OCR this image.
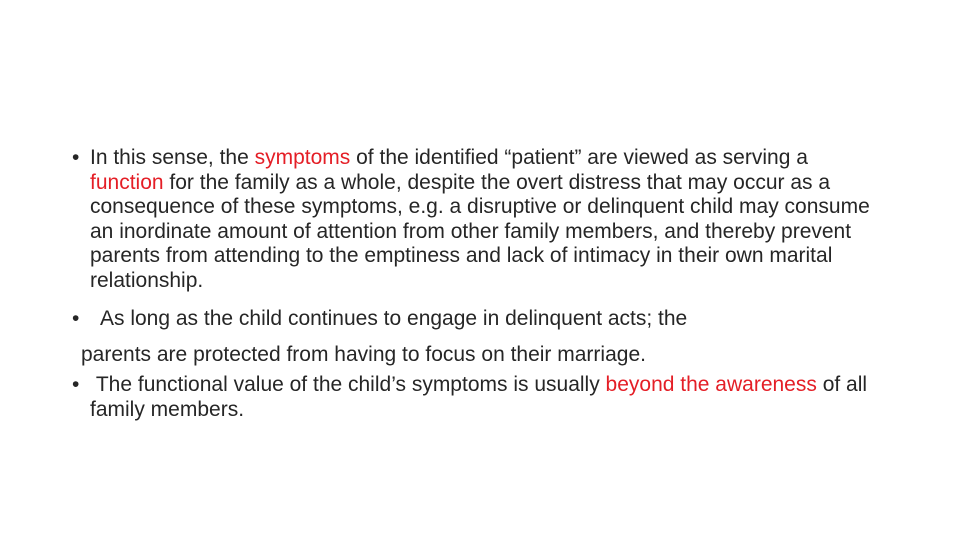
• In this sense, the symptoms of the identified “patient” are viewed as serving a function for the family as a whole, despite the overt distress that may occur as a consequence of these symptoms, e.g. a disruptive or delinquent child may consume an inordinate amount of attention from other family members, and thereby prevent parents from attending to the emptiness and lack of intimacy in their own marital relationship.
• As long as the child continues to engage in delinquent acts; the
parents are protected from having to focus on their marriage.
• The functional value of the child’s symptoms is usually beyond the awareness of all family members.
